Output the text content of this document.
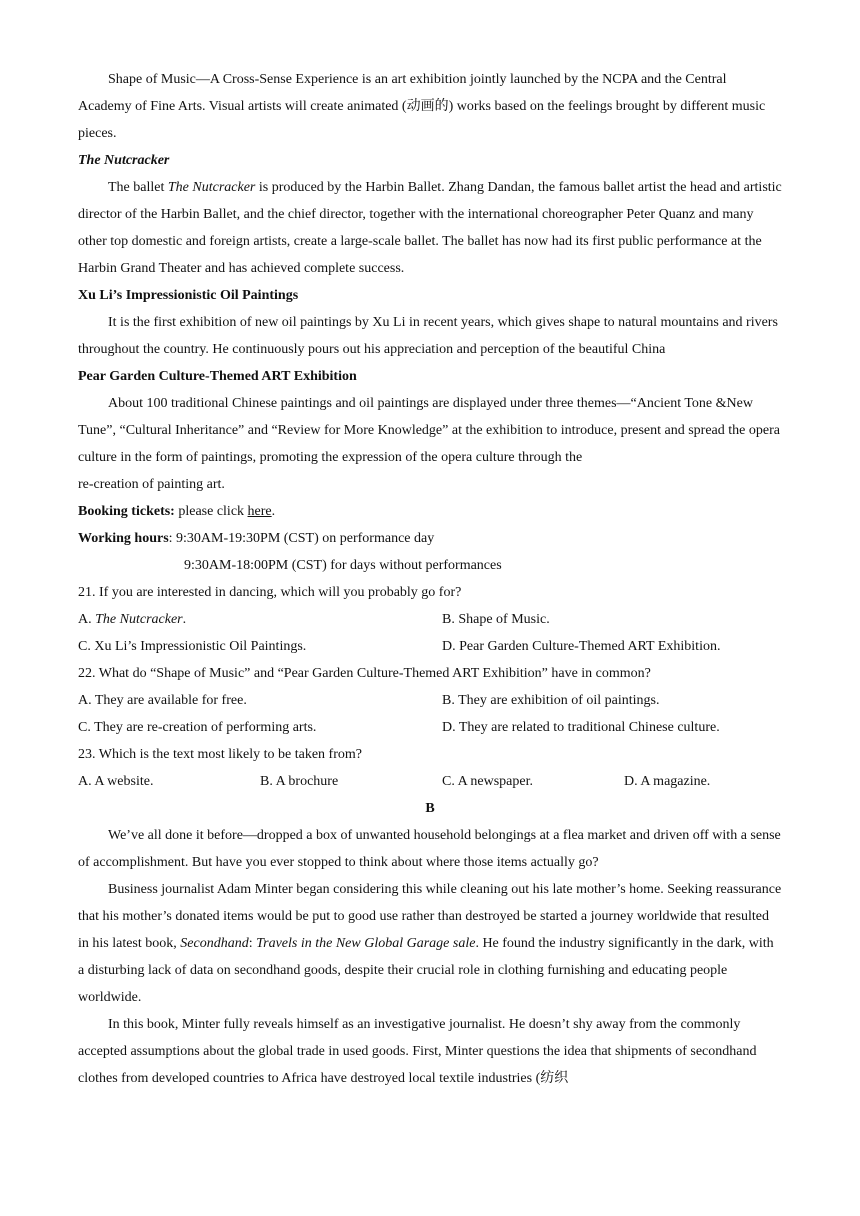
Shape of Music—A Cross-Sense Experience is an art exhibition jointly launched by the NCPA and the Central Academy of Fine Arts. Visual artists will create animated (动画的) works based on the feelings brought by different music pieces.

The Nutcracker

The ballet The Nutcracker is produced by the Harbin Ballet. Zhang Dandan, the famous ballet artist the head and artistic director of the Harbin Ballet, and the chief director, together with the international choreographer Peter Quanz and many other top domestic and foreign artists, create a large-scale ballet. The ballet has now had its first public performance at the Harbin Grand Theater and has achieved complete success.

Xu Li’s Impressionistic Oil Paintings

It is the first exhibition of new oil paintings by Xu Li in recent years, which gives shape to natural mountains and rivers throughout the country. He continuously pours out his appreciation and perception of the beautiful China

Pear Garden Culture-Themed ART Exhibition

About 100 traditional Chinese paintings and oil paintings are displayed under three themes—“Ancient Tone &New Tune”, “Cultural Inheritance” and “Review for More Knowledge” at the exhibition to introduce, present and spread the opera culture in the form of paintings, promoting the expression of the opera culture through the

re-creation of painting art.

Booking tickets: please click here.

Working hours: 9:30AM-19:30PM (CST) on performance day

9:30AM-18:00PM (CST) for days without performances

21. If you are interested in dancing, which will you probably go for?

A. The Nutcracker.	B. Shape of Music.
C. Xu Li’s Impressionistic Oil Paintings.	D. Pear Garden Culture-Themed ART Exhibition.

22. What do “Shape of Music” and “Pear Garden Culture-Themed ART Exhibition” have in common?

A. They are available for free.	B. They are exhibition of oil paintings.
C. They are re-creation of performing arts.	D. They are related to traditional Chinese culture.

23. Which is the text most likely to be taken from?

A. A website.	B. A brochure	C. A newspaper.	D. A magazine.

B

We’ve all done it before—dropped a box of unwanted household belongings at a flea market and driven off with a sense of accomplishment. But have you ever stopped to think about where those items actually go?

Business journalist Adam Minter began considering this while cleaning out his late mother’s home. Seeking reassurance that his mother’s donated items would be put to good use rather than destroyed be started a journey worldwide that resulted in his latest book, Secondhand: Travels in the New Global Garage sale. He found the industry significantly in the dark, with a disturbing lack of data on secondhand goods, despite their crucial role in clothing furnishing and educating people worldwide.

In this book, Minter fully reveals himself as an investigative journalist. He doesn’t shy away from the commonly accepted assumptions about the global trade in used goods. First, Minter questions the idea that shipments of secondhand clothes from developed countries to Africa have destroyed local textile industries (纺织
